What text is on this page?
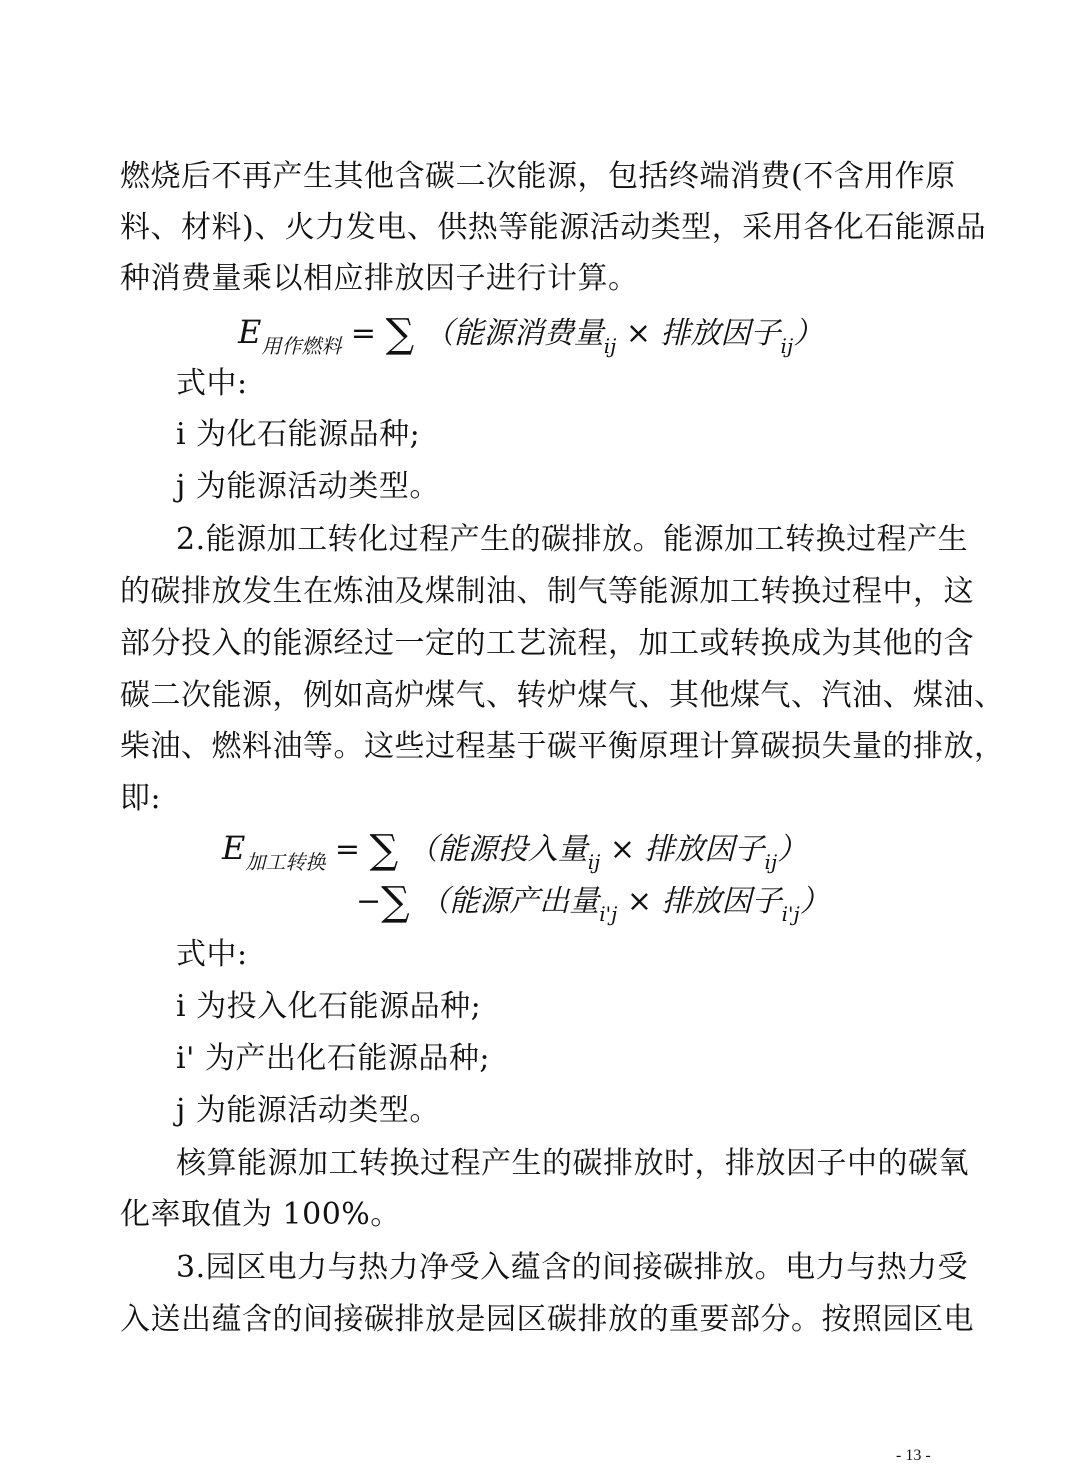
燃烧后不再产生其他含碳二次能源，包括终端消费(不含用作原
料、材料)、火力发电、供热等能源活动类型，采用各化石能源品
种消费量乘以相应排放因子进行计算。
$E_{用作燃料}$ = ∑ （能源消费量$_{ij}$ × 排放因子$_{ij}$）
式中:
i 为化石能源品种;
j 为能源活动类型。
2.能源加工转化过程产生的碳排放。能源加工转换过程产生
的碳排放发生在炼油及煤制油、制气等能源加工转换过程中，这
部分投入的能源经过一定的工艺流程，加工或转换成为其他的含
碳二次能源，例如高炉煤气、转炉煤气、其他煤气、汽油、煤油、
柴油、燃料油等。这些过程基于碳平衡原理计算碳损失量的排放，
即:
$E_{加工转换}$ = ∑ （能源投入量$_{ij}$ × 排放因子$_{ij}$）
−∑ （能源产出量$_{i'j}$ × 排放因子$_{i'j}$）
式中:
i 为投入化石能源品种;
i' 为产出化石能源品种;
j 为能源活动类型。
核算能源加工转换过程产生的碳排放时，排放因子中的碳氧
化率取值为 100%。
3.园区电力与热力净受入蕴含的间接碳排放。电力与热力受
入送出蕴含的间接碳排放是园区碳排放的重要部分。按照园区电
- 13 -
